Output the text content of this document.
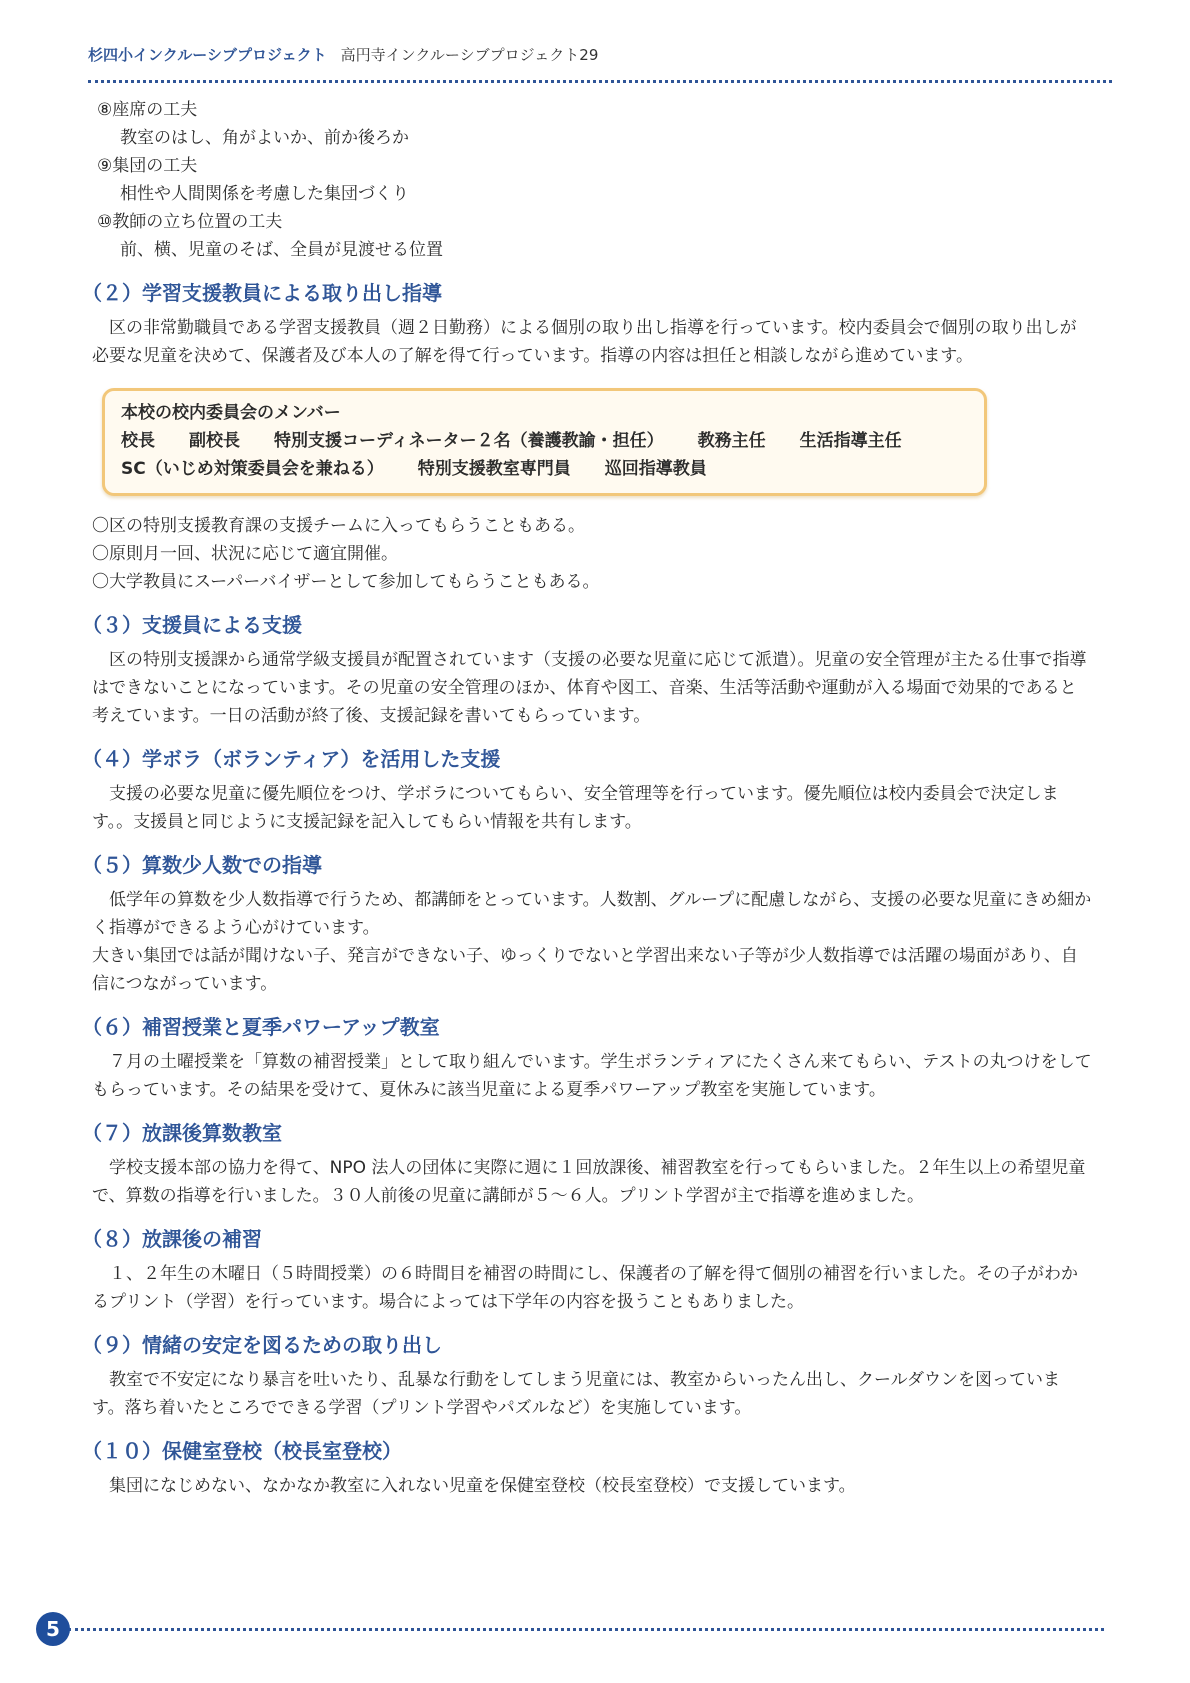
杉四小インクルーシブプロジェクト 高円寺インクルーシブプロジェクト29
⑧座席の工夫
教室のはし、角がよいか、前か後ろか
⑨集団の工夫
相性や人間関係を考慮した集団づくり
⑩教師の立ち位置の工夫
前、横、児童のそば、全員が見渡せる位置
（２）学習支援教員による取り出し指導

区の非常勤職員である学習支援教員（週２日勤務）による個別の取り出し指導を行っています。校内委員会で個別の取り出しが必要な児童を決めて、保護者及び本人の了解を得て行っています。指導の内容は担任と相談しながら進めています。

本校の校内委員会のメンバー
校長 副校長 特別支援コーディネーター２名（養護教諭・担任） 教務主任 生活指導主任
SC（いじめ対策委員会を兼ねる） 特別支援教室専門員 巡回指導教員
〇区の特別支援教育課の支援チームに入ってもらうこともある。
〇原則月一回、状況に応じて適宜開催。
〇大学教員にスーパーバイザーとして参加してもらうこともある。
（３）支援員による支援

区の特別支援課から通常学級支援員が配置されています（支援の必要な児童に応じて派遣）。児童の安全管理が主たる仕事で指導はできないことになっています。その児童の安全管理のほか、体育や図工、音楽、生活等活動や運動が入る場面で効果的であると考えています。一日の活動が終了後、支援記録を書いてもらっています。

（４）学ボラ（ボランティア）を活用した支援

支援の必要な児童に優先順位をつけ、学ボラについてもらい、安全管理等を行っています。優先順位は校内委員会で決定します。。支援員と同じように支援記録を記入してもらい情報を共有します。

（５）算数少人数での指導

低学年の算数を少人数指導で行うため、都講師をとっています。人数割、グループに配慮しながら、支援の必要な児童にきめ細かく指導ができるよう心がけています。

大きい集団では話が聞けない子、発言ができない子、ゆっくりでないと学習出来ない子等が少人数指導では活躍の場面があり、自信につながっています。

（６）補習授業と夏季パワーアップ教室

７月の土曜授業を「算数の補習授業」として取り組んでいます。学生ボランティアにたくさん来てもらい、テストの丸つけをしてもらっています。その結果を受けて、夏休みに該当児童による夏季パワーアップ教室を実施しています。

（７）放課後算数教室

学校支援本部の協力を得て、NPO 法人の団体に実際に週に１回放課後、補習教室を行ってもらいました。２年生以上の希望児童で、算数の指導を行いました。３０人前後の児童に講師が５～６人。プリント学習が主で指導を進めました。

（８）放課後の補習

１、２年生の木曜日（５時間授業）の６時間目を補習の時間にし、保護者の了解を得て個別の補習を行いました。その子がわかるプリント（学習）を行っています。場合によっては下学年の内容を扱うこともありました。

（９）情緒の安定を図るための取り出し

教室で不安定になり暴言を吐いたり、乱暴な行動をしてしまう児童には、教室からいったん出し、クールダウンを図っています。落ち着いたところでできる学習（プリント学習やパズルなど）を実施しています。

（１０）保健室登校（校長室登校）

集団になじめない、なかなか教室に入れない児童を保健室登校（校長室登校）で支援しています。

5
